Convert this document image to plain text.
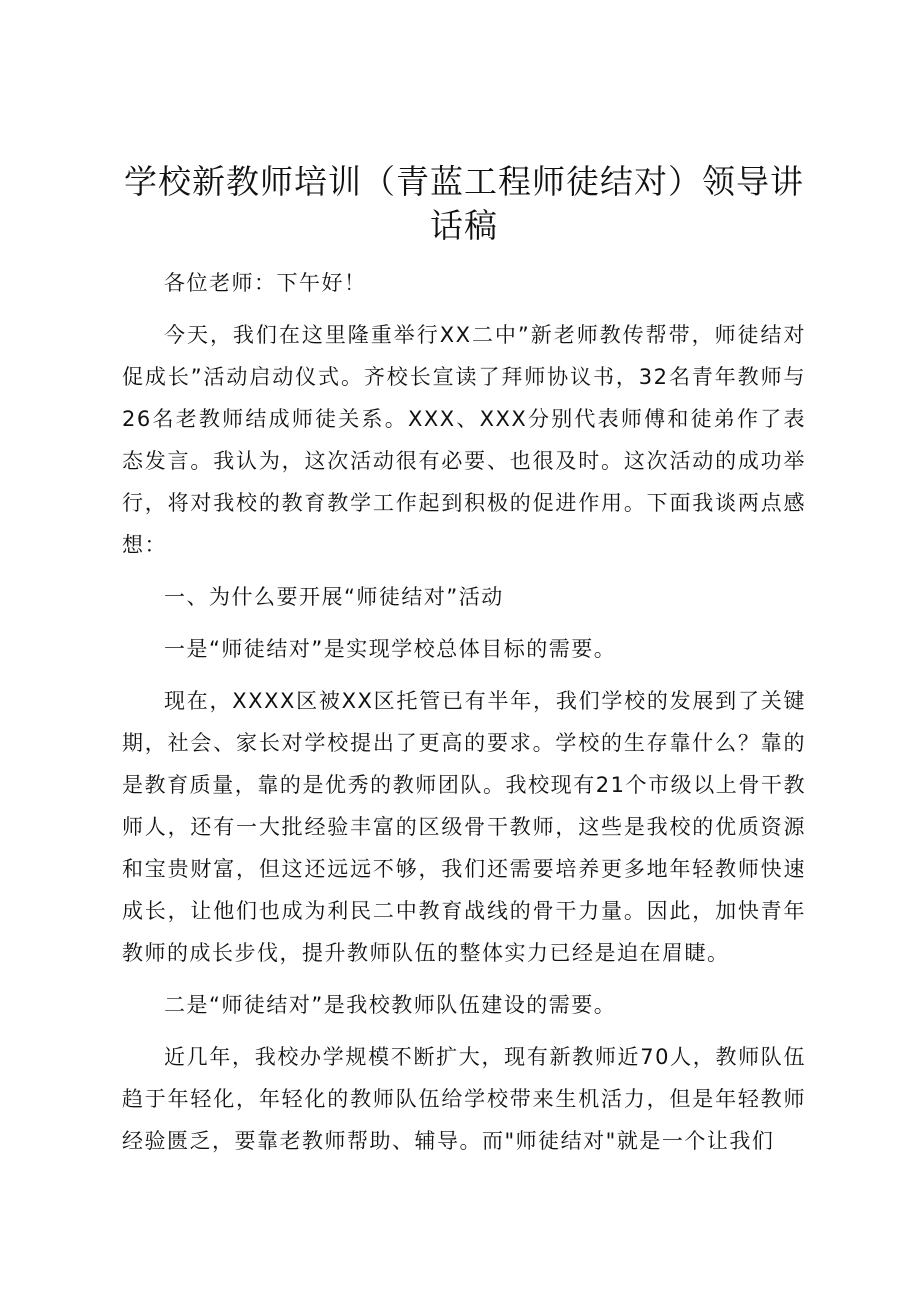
学校新教师培训（青蓝工程师徒结对）领导讲话稿

各位老师：下午好！

今天，我们在这里隆重举行XX二中”新老师教传帮带，师徒结对促成长”活动启动仪式。齐校长宣读了拜师协议书，32名青年教师与26名老教师结成师徒关系。XXX、XXX分别代表师傅和徒弟作了表态发言。我认为，这次活动很有必要、也很及时。这次活动的成功举行，将对我校的教育教学工作起到积极的促进作用。下面我谈两点感想：

一、为什么要开展“师徒结对”活动

一是“师徒结对”是实现学校总体目标的需要。

现在，XXXX区被XX区托管已有半年，我们学校的发展到了关键期，社会、家长对学校提出了更高的要求。学校的生存靠什么？靠的是教育质量，靠的是优秀的教师团队。我校现有21个市级以上骨干教师人，还有一大批经验丰富的区级骨干教师，这些是我校的优质资源和宝贵财富，但这还远远不够，我们还需要培养更多地年轻教师快速成长，让他们也成为利民二中教育战线的骨干力量。因此，加快青年教师的成长步伐，提升教师队伍的整体实力已经是迫在眉睫。

二是“师徒结对”是我校教师队伍建设的需要。

近几年，我校办学规模不断扩大，现有新教师近70人，教师队伍趋于年轻化，年轻化的教师队伍给学校带来生机活力，但是年轻教师经验匮乏，要靠老教师帮助、辅导。而"师徒结对"就是一个让我们
